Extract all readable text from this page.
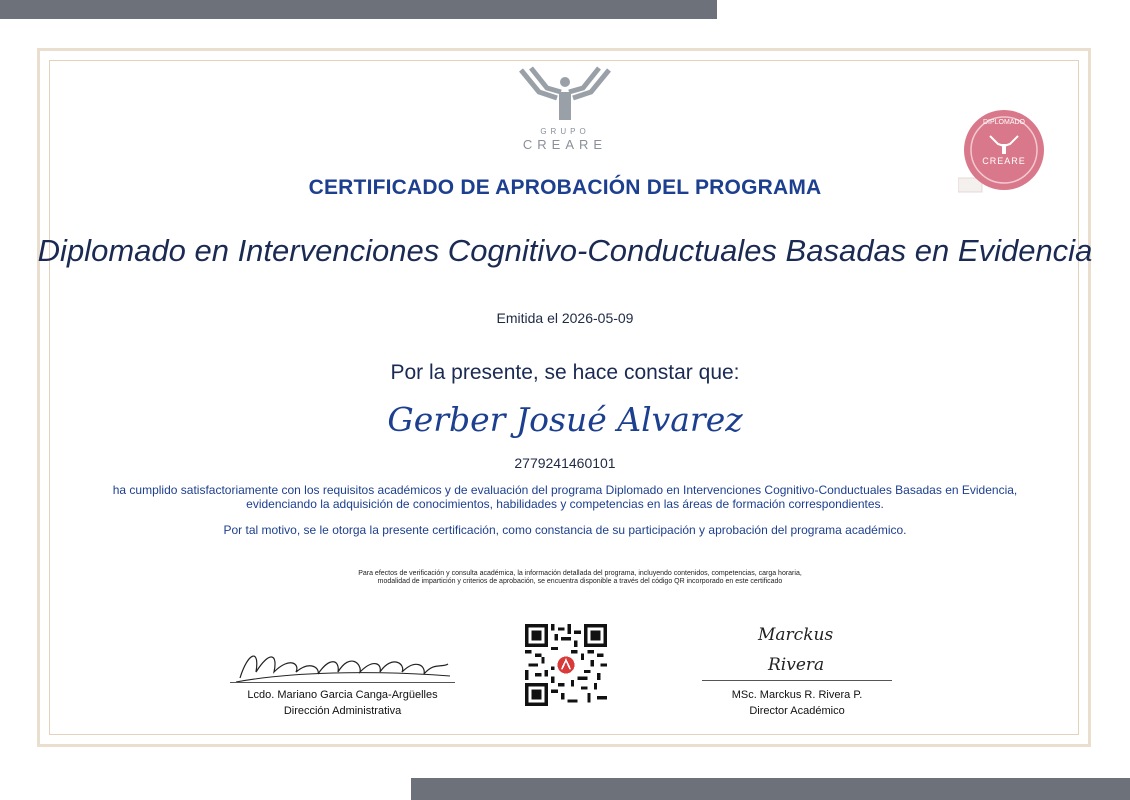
GRUPO
CREARE
DIPLOMADO
CREARE
CERTIFICADO DE APROBACIÓN DEL PROGRAMA
Diplomado en Intervenciones Cognitivo-Conductuales Basadas en Evidencia
Emitida el 2026-05-09
Por la presente, se hace constar que:
Gerber Josué Alvarez
2779241460101
ha cumplido satisfactoriamente con los requisitos académicos y de evaluación del programa Diplomado en Intervenciones Cognitivo-Conductuales Basadas en Evidencia, evidenciando la adquisición de conocimientos, habilidades y competencias en las áreas de formación correspondientes.
Por tal motivo, se le otorga la presente certificación, como constancia de su participación y aprobación del programa académico.
Para efectos de verificación y consulta académica, la información detallada del programa, incluyendo contenidos, competencias, carga horaria, modalidad de impartición y criterios de aprobación, se encuentra disponible a través del código QR incorporado en este certificado
Lcdo. Mariano Garcia Canga-Argüelles
Dirección Administrativa
Marckus
Rivera
MSc. Marckus R. Rivera P.
Director Académico
